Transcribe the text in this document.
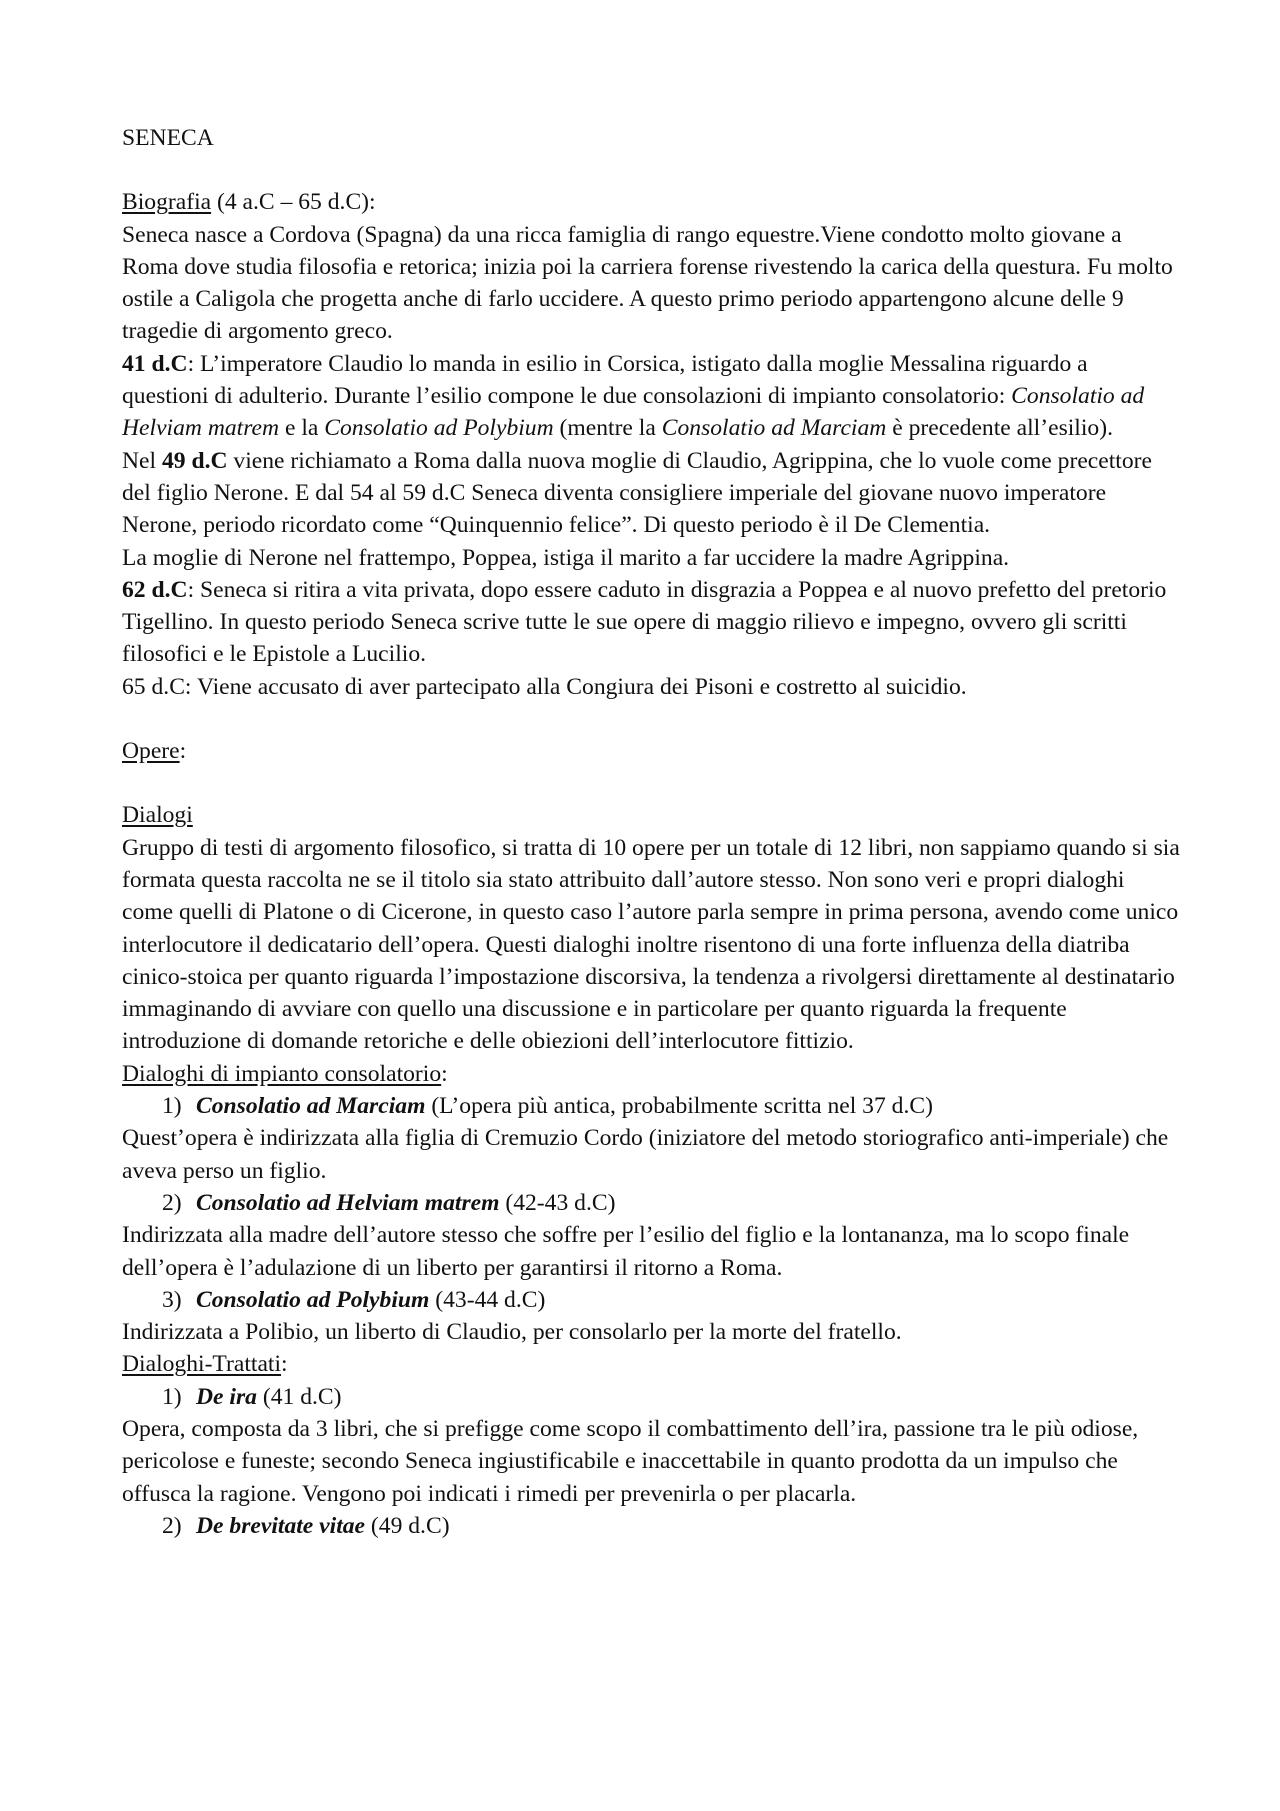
SENECA

Biografia (4 a.C – 65 d.C):

Seneca nasce a Cordova (Spagna) da una ricca famiglia di rango equestre.Viene condotto molto giovane a Roma dove studia filosofia e retorica; inizia poi la carriera forense rivestendo la carica della questura. Fu molto ostile a Caligola che progetta anche di farlo uccidere. A questo primo periodo appartengono alcune delle 9 tragedie di argomento greco.

41 d.C: L’imperatore Claudio lo manda in esilio in Corsica, istigato dalla moglie Messalina riguardo a questioni di adulterio. Durante l’esilio compone le due consolazioni di impianto consolatorio: Consolatio ad Helviam matrem e la Consolatio ad Polybium (mentre la Consolatio ad Marciam è precedente all’esilio).

Nel 49 d.C viene richiamato a Roma dalla nuova moglie di Claudio, Agrippina, che lo vuole come precettore del figlio Nerone. E dal 54 al 59 d.C Seneca diventa consigliere imperiale del giovane nuovo imperatore Nerone, periodo ricordato come “Quinquennio felice”. Di questo periodo è il De Clementia.

La moglie di Nerone nel frattempo, Poppea, istiga il marito a far uccidere la madre Agrippina.

62 d.C: Seneca si ritira a vita privata, dopo essere caduto in disgrazia a Poppea e al nuovo prefetto del pretorio Tigellino. In questo periodo Seneca scrive tutte le sue opere di maggio rilievo e impegno, ovvero gli scritti filosofici e le Epistole a Lucilio.

65 d.C: Viene accusato di aver partecipato alla Congiura dei Pisoni e costretto al suicidio.

Opere:

Dialogi

Gruppo di testi di argomento filosofico, si tratta di 10 opere per un totale di 12 libri, non sappiamo quando si sia formata questa raccolta ne se il titolo sia stato attribuito dall’autore stesso. Non sono veri e propri dialoghi come quelli di Platone o di Cicerone, in questo caso l’autore parla sempre in prima persona, avendo come unico interlocutore il dedicatario dell’opera. Questi dialoghi inoltre risentono di una forte influenza della diatriba cinico-stoica per quanto riguarda l’impostazione discorsiva, la tendenza a rivolgersi direttamente al destinatario immaginando di avviare con quello una discussione e in particolare per quanto riguarda la frequente introduzione di domande retoriche e delle obiezioni dell’interlocutore fittizio.

Dialoghi di impianto consolatorio:

1) Consolatio ad Marciam (L’opera più antica, probabilmente scritta nel 37 d.C)

Quest’opera è indirizzata alla figlia di Cremuzio Cordo (iniziatore del metodo storiografico anti-imperiale) che aveva perso un figlio.

2) Consolatio ad Helviam matrem (42-43 d.C)

Indirizzata alla madre dell’autore stesso che soffre per l’esilio del figlio e la lontananza, ma lo scopo finale dell’opera è l’adulazione di un liberto per garantirsi il ritorno a Roma.

3) Consolatio ad Polybium (43-44 d.C)

Indirizzata a Polibio, un liberto di Claudio, per consolarlo per la morte del fratello.

Dialoghi-Trattati:

1) De ira (41 d.C)

Opera, composta da 3 libri, che si prefigge come scopo il combattimento dell’ira, passione tra le più odiose, pericolose e funeste; secondo Seneca ingiustificabile e inaccettabile in quanto prodotta da un impulso che offusca la ragione. Vengono poi indicati i rimedi per prevenirla o per placarla.

2) De brevitate vitae (49 d.C)
